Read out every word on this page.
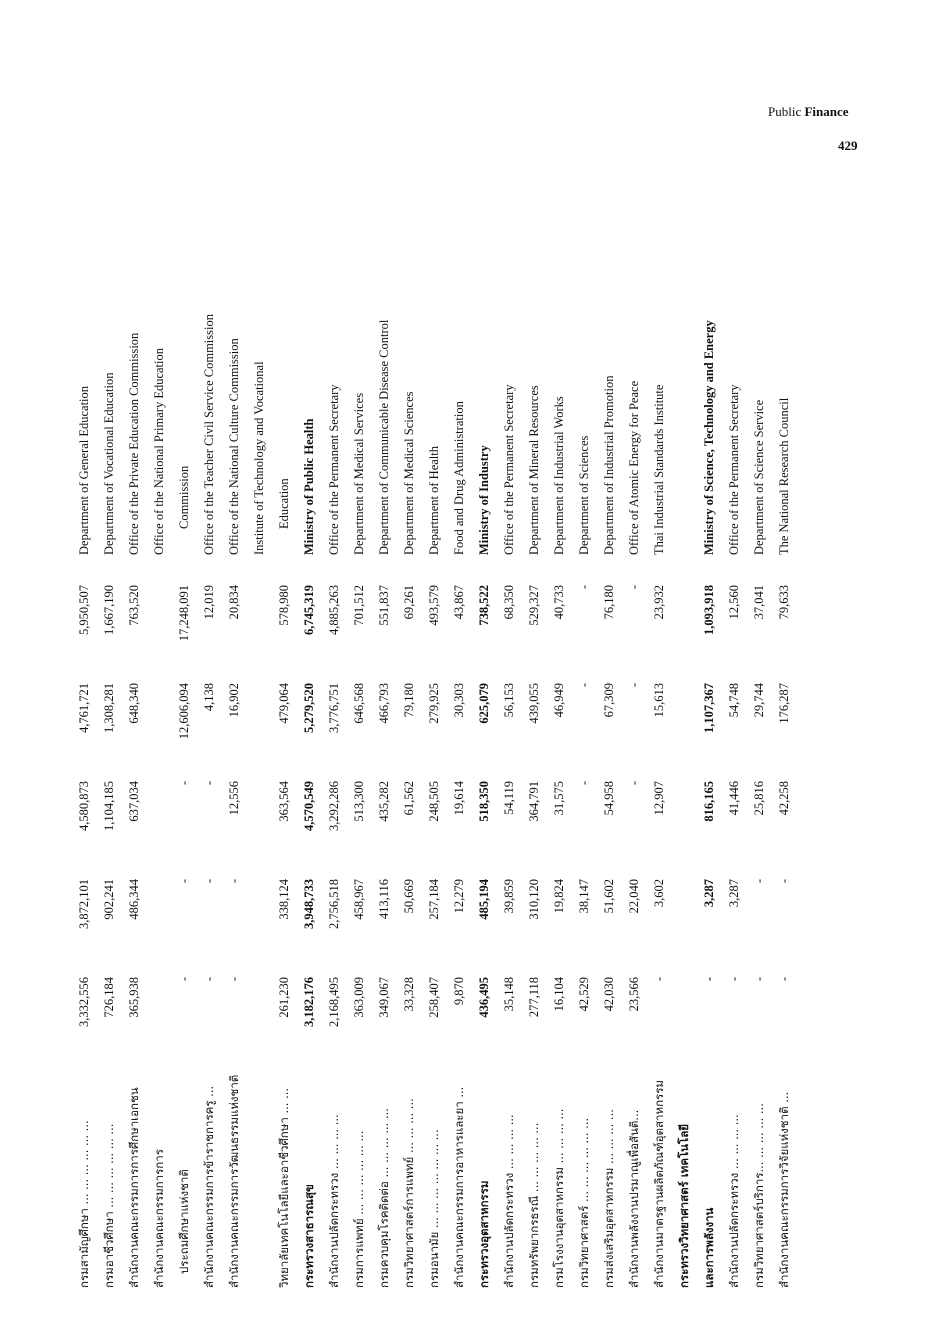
Public Finance
429
กรมสามัญศึกษา ... ... ... ... ... ...	3,332,556	3,872,101	4,580,873	4,761,721	5,950,507	Department of General Education
กรมอาชีวศึกษา ... ... ... ... ... ...	726,184	902,241	1,104,185	1,308,281	1,667,190	Department of Vocational Education
สำนักงานคณะกรรมการการศึกษาเอกชน	365,938	486,344	637,034	648,340	763,520	Office of the Private Education Commission
สำนักงานคณะกรรมการการ						Office of the National Primary Education
ประถมศึกษาแห่งชาติ	-	-	-	12,606,094	17,248,091	Commission
สำนักงานคณะกรรมการข้าราชการครู ...	-	-	-	4,138	12,019	Office of the Teacher Civil Service Commission
สำนักงานคณะกรรมการวัฒนธรรมแห่งชาติ	-	-	12,556	16,902	20,834	Office of the National Culture Commission
						Institute of Technology and Vocational
วิทยาลัยเทคโนโลยีและอาชีวศึกษา ... ...	261,230	338,124	363,564	479,064	578,980	Education
กระทรวงสาธารณสุข	3,182,176	3,948,733	4,570,549	5,279,520	6,745,319	Ministry of Public Health
สำนักงานปลัดกระทรวง ... ... ... ...	2,168,495	2,756,518	3,292,286	3,776,751	4,885,263	Office of the Permanent Secretary
กรมการแพทย์ ... ... ... ... ... ...	363,009	458,967	513,300	646,568	701,512	Department of Medical Services
กรมควบคุมโรคติดต่อ ... ... ... ... ...	349,067	413,116	435,282	466,793	551,837	Department of Communicable Disease Control
กรมวิทยาศาสตร์การแพทย์ ... ... ... ...	33,328	50,669	61,562	79,180	69,261	Department of Medical Sciences
กรมอนามัย ... ... ... ... ... ... ...	258,407	257,184	248,505	279,925	493,579	Department of Health
สำนักงานคณะกรรมการอาหารและยา ...	9,870	12,279	19,614	30,303	43,867	Food and Drug Administration
กระทรวงอุตสาหกรรม	436,495	485,194	518,350	625,079	738,522	Ministry of Industry
สำนักงานปลัดกระทรวง ... ... ... ...	35,148	39,859	54,119	56,153	68,350	Office of the Permanent Secretary
กรมทรัพยากรธรณี ... ... ... ... ...	277,118	310,120	364,791	439,055	529,327	Department of Mineral Resources
กรมโรงงานอุตสาหกรรม ... ... ... ...	16,104	19,824	31,575	46,949	40,733	Department of Industrial Works
กรมวิทยาศาสตร์ ... ... ... ... ... ...	42,529	38,147	-	-	-	Department of Sciences
กรมส่งเสริมอุตสาหกรรม ... ... ... ...	42,030	51,602	54,958	67,309	76,180	Department of Industrial Promotion
สำนักงานพลังงานปรมาณูเพื่อสันติ...	23,566	22,040	-	-	-	Office of Atomic Energy for Peace
สำนักงานมาตรฐานผลิตภัณฑ์อุตสาหกรรม	-	3,602	12,907	15,613	23,932	Thai Industrial Standards Institute
กระทรวงวิทยาศาสตร์ เทคโนโลยี						
และการพลังงาน	-	3,287	816,165	1,107,367	1,093,918	Ministry of Science, Technology and Energy
สำนักงานปลัดกระทรวง ... ... ... ...	-	3,287	41,446	54,748	12,560	Office of the Permanent Secretary
กรมวิทยาศาสตร์บริการ... ... ... ... ...	-	-	25,816	29,744	37,041	Department of Science Service
สำนักงานคณะกรรมการวิจัยแห่งชาติ ...	-	-	42,258	176,287	79,633	The National Research Council
